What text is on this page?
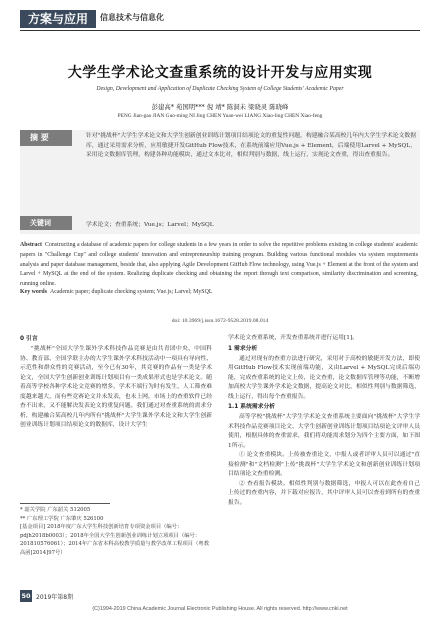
方案与应用	信息技术与信息化
大学生学术论文查重系统的设计开发与应用实现
Design, Development and Application of Duplicate Checking System of College Students' Academic Paper
彭建高* 苑国明*** 倪 靖* 陈洞未 梁晓灵 陈晓峰
PENG Jian-gao JIAN Guo-ming NI Jing CHEN Yuan-wei LIANG Xiao-ling CHEN Xiao-feng
摘 要	针对"挑战杯"大学生学术论文和大学生创新创业训练计划项目结项论文的重复性问题，构建融合某高校几年内大学生学术论文数据库，通过采用需求分析，应用敏捷开发GitHub Flow技术，在系统前端应用Vue.js + Element，后端使用Larvel + MySQL，采用论文数据库管理，构建各种功能模块，通过文本比对，相似判别与数据，线上运行，实现论文查重，得出查重报告。

关键词	学术论文；查重系统；Vue.js；Larvel；MySQL

Abstract Constructing a database of academic papers for college students in a few years in order to solve the repetitive problems existing in college students' academic papers in "Challenge Cup" and college students' innovation and entrepreneurship training program. Building various functional modules via system requirements analysis and paper database management, beside that, also applying Agile Development GitHub Flow technology, using Vue.js + Element at the front of the system and Larvel + MySQL at the end of the system. Realizing duplicate checking and obtaining the report through text comparison, similarity discrimination and screening, running online.

Key words Academic paper; duplicate checking system; Vue.js; Larvel; MySQL

doi: 10.3969/j.issn.1672-9528.2019.08.014

0 引言

"挑战杯"全国大学生课外学术科技作品竞赛是由共青团中央、中国科协、教育部、全国学联主办的大学生课外学术科技活动中一项具有导向性、示范性和群众性的竞赛活动，至今已有30年，其竞赛的作品有一类是学术论文，全国大学生创新创业训练计划项目有一类成果形式也是学术论文。随着高等学校各种学术论文竞赛的增多，学术不端行为时有发生，人工筛查难度越来越大，而有些竞赛论文并未发表，也未上网，市场上的查重软件已经查不出来，又不能解决发表论文的重复问题。我们通过对查重系统的需求分析，构建融合某高校几年内所有"挑战杯"大学生课外学术论文和大学生创新创业训练计划项目结项论文的数据库，设计大学生

* 韶关学院 广东韶关 512005

** 广东理工学院 广东肇庆 526100

[基金项目] 2018年度广东大学生科技创新培育专项资金项目（编号：pdjh2018b0003）；2018年全国大学生创新创业训练计划立项项目（编号：201810576061）；2014年广东省本科高校教学质量与教学改革工程项目（粤教高函[2014]97号）

学术论文查重系统，开发查重系统并进行运用[1]。

1 需求分析

通过对现有的查重方法进行研究，采用对于高校的敏捷开发方法，即使用GitHub Flow技术实现前端功能，又由Larvel + MySQL完成后端功能，完成查重系统的论文上传，论文查重，论文数据库管理等功能，不断增加高校大学生课外学术论文数据，提高论文对比，相似性判别与数据筛选，线上运行，得出每个查重报告。

1.1 系统需求分析

高等学校"挑战杯"大学生学术论文查重系统主要面向"挑战杯"大学生学术科技作品竞赛项目论文、大学生创新创业训练计划项目结项论文评审人员使用，根据具体的查重需求，我们将功能需求划分为四个主要方面，如下图1所示。

① 论文查重模块。上传被查重论文，中报人或者评审人员可以通过"直接检测"和"文档检测"上传"挑战杯"大学生学术论文和创新创业训练计划项目结项论文查重检测。

② 查看报告模块。相似性判别与数据筛选，申报人可以在此查看自己上传过的查重内容，并下载对应报告，其中评审人员可以查看到所有的查重报告。

50 2019年第8期
(C)1994-2019 China Academic Journal Electronic Publishing House. All rights reserved. http://www.cnki.net
